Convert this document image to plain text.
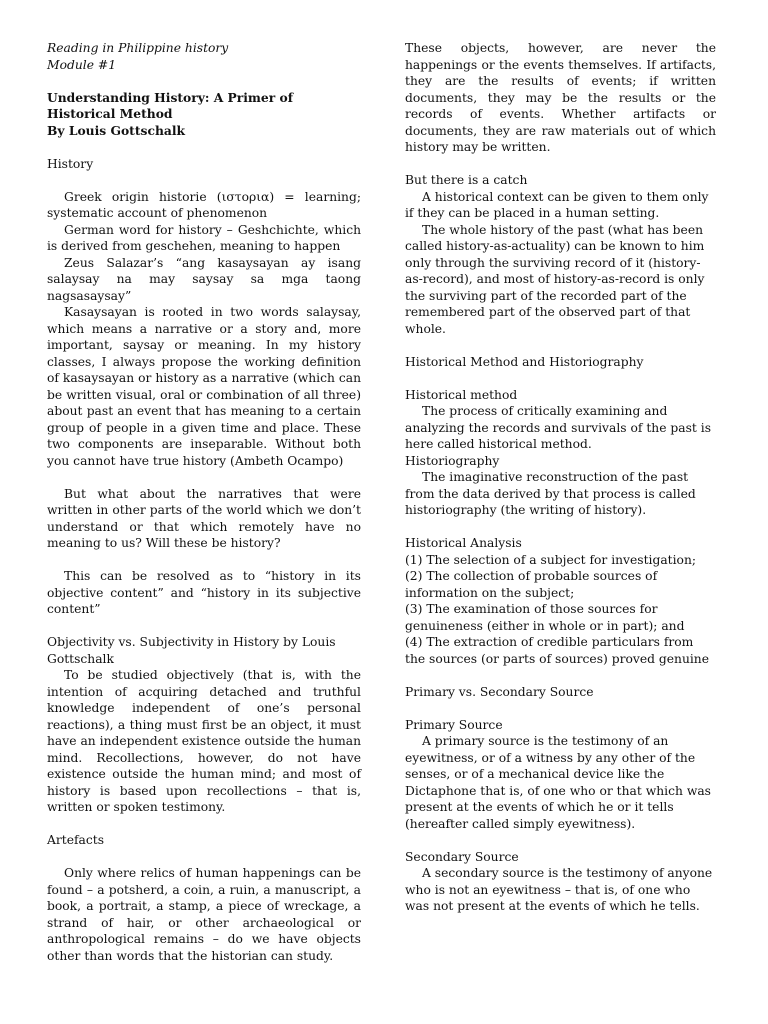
Reading in Philippine history

Module #1

Understanding History: A Primer of Historical Method

By Louis Gottschalk

History

Greek origin historie (ιστορια) = learning; systematic account of phenomenon

German word for history – Geshchichte, which is derived from geschehen, meaning to happen

Zeus Salazar’s “ang kasaysayan ay isang salaysay na may saysay sa mga taong nagsasaysay”

Kasaysayan is rooted in two words salaysay, which means a narrative or a story and, more important, saysay or meaning. In my history classes, I always propose the working definition of kasaysayan or history as a narrative (which can be written visual, oral or combination of all three) about past an event that has meaning to a certain group of people in a given time and place. These two components are inseparable. Without both you cannot have true history (Ambeth Ocampo)

But what about the narratives that were written in other parts of the world which we don’t understand or that which remotely have no meaning to us? Will these be history?

This can be resolved as to “history in its objective content” and “history in its subjective content”

Objectivity vs. Subjectivity in History by Louis Gottschalk

To be studied objectively (that is, with the intention of acquiring detached and truthful knowledge independent of one’s personal reactions), a thing must first be an object, it must have an independent existence outside the human mind. Recollections, however, do not have existence outside the human mind; and most of history is based upon recollections – that is, written or spoken testimony.

Artefacts

Only where relics of human happenings can be found – a potsherd, a coin, a ruin, a manuscript, a book, a portrait, a stamp, a piece of wreckage, a strand of hair, or other archaeological or anthropological remains – do we have objects other than words that the historian can study.

These objects, however, are never the happenings or the events themselves. If artifacts, they are the results of events; if written documents, they may be the results or the records of events. Whether artifacts or documents, they are raw materials out of which history may be written.

But there is a catch

A historical context can be given to them only if they can be placed in a human setting.

The whole history of the past (what has been called history-as-actuality) can be known to him only through the surviving record of it (history-as-record), and most of history-as-record is only the surviving part of the recorded part of the remembered part of the observed part of that whole.

Historical Method and Historiography

Historical method

The process of critically examining and analyzing the records and survivals of the past is here called historical method.

Historiography

The imaginative reconstruction of the past from the data derived by that process is called historiography (the writing of history).

Historical Analysis

(1) The selection of a subject for investigation;

(2) The collection of probable sources of information on the subject;

(3) The examination of those sources for genuineness (either in whole or in part); and

(4) The extraction of credible particulars from the sources (or parts of sources) proved genuine

Primary vs. Secondary Source

Primary Source

A primary source is the testimony of an eyewitness, or of a witness by any other of the senses, or of a mechanical device like the Dictaphone that is, of one who or that which was present at the events of which he or it tells (hereafter called simply eyewitness).

Secondary Source

A secondary source is the testimony of anyone who is not an eyewitness – that is, of one who was not present at the events of which he tells.
